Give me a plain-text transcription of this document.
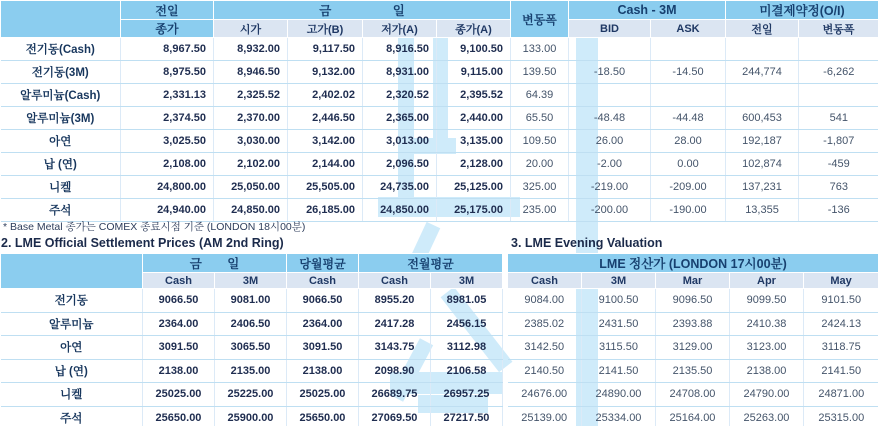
	전일	금 일				변동폭	Cash - 3M		미결제약정(O/I)	
	종가	시가	고가(B)	저가(A)	종가(A)		BID	ASK	전일	변동폭
전기동(Cash)	8,967.50	8,932.00	9,117.50	8,916.50	9,100.50	133.00				
전기동(3M)	8,975.50	8,946.50	9,132.00	8,931.00	9,115.00	139.50	-18.50	-14.50	244,774	-6,262
알루미늄(Cash)	2,331.13	2,325.52	2,402.02	2,320.52	2,395.52	64.39				
알루미늄(3M)	2,374.50	2,370.00	2,446.50	2,365.00	2,440.00	65.50	-48.48	-44.48	600,453	541
아연	3,025.50	3,030.00	3,142.00	3,013.00	3,135.00	109.50	26.00	28.00	192,187	-1,807
납 (연)	2,108.00	2,102.00	2,144.00	2,096.50	2,128.00	20.00	-2.00	0.00	102,874	-459
니켈	24,800.00	25,050.00	25,505.00	24,735.00	25,125.00	325.00	-219.00	-209.00	137,231	763
주석	24,940.00	24,850.00	26,185.00	24,850.00	25,175.00	235.00	-200.00	-190.00	13,355	-136
* Base Metal 종가는 COMEX 종료시점 기준 (LONDON 18시00분)
2. LME Official Settlement Prices (AM 2nd Ring)	3. LME Evening Valuation
	금 일		당월평균	전월평균			LME 정산가 (LONDON 17시00분)				
	Cash	3M	Cash	Cash	3M		Cash	3M	Mar	Apr	May
전기동	9066.50	9081.00	9066.50	8955.20	8981.05		9084.00	9100.50	9096.50	9099.50	9101.50
알루미늄	2364.00	2406.50	2364.00	2417.28	2456.15		2385.02	2431.50	2393.88	2410.38	2424.13
아연	3091.50	3065.50	3091.50	3143.75	3112.98		3142.50	3115.50	3129.00	3123.00	3118.75
납 (연)	2138.00	2135.00	2138.00	2098.90	2106.58		2140.50	2141.50	2135.50	2138.00	2141.50
니켈	25025.00	25225.00	25025.00	26689.75	26957.25		24676.00	24890.00	24708.00	24790.00	24871.00
주석	25650.00	25900.00	25650.00	27069.50	27217.50		25139.00	25334.00	25164.00	25263.00	25315.00
